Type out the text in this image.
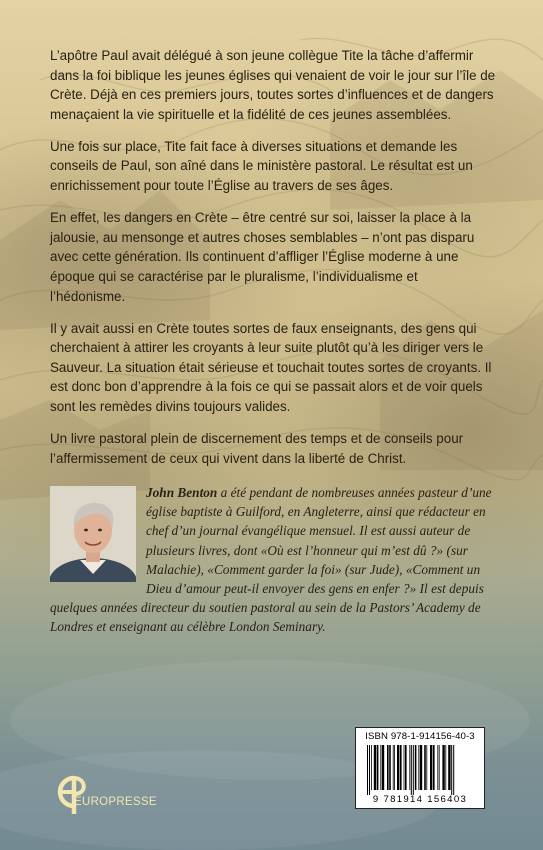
L’apôtre Paul avait délégué à son jeune collègue Tite la tâche d’affermir dans la foi biblique les jeunes églises qui venaient de voir le jour sur l’île de Crète. Déjà en ces premiers jours, toutes sortes d’influences et de dangers menaçaient la vie spirituelle et la fidélité de ces jeunes assemblées.

Une fois sur place, Tite fait face à diverses situations et demande les conseils de Paul, son aîné dans le ministère pastoral. Le résultat est un enrichissement pour toute l’Église au travers de ses âges.

En effet, les dangers en Crète – être centré sur soi, laisser la place à la jalousie, au mensonge et autres choses semblables – n’ont pas disparu avec cette génération. Ils continuent d’affliger l’Église moderne à une époque qui se caractérise par le pluralisme, l’individualisme et l’hédonisme.

Il y avait aussi en Crète toutes sortes de faux enseignants, des gens qui cherchaient à attirer les croyants à leur suite plutôt qu’à les diriger vers le Sauveur. La situation était sérieuse et touchait toutes sortes de croyants. Il est donc bon d’apprendre à la fois ce qui se passait alors et de voir quels sont les remèdes divins toujours valides.

Un livre pastoral plein de discernement des temps et de conseils pour l’affermissement de ceux qui vivent dans la liberté de Christ.

John Benton a été pendant de nombreuses années pasteur d’une église baptiste à Guilford, en Angleterre, ainsi que rédacteur en chef d’un journal évangélique mensuel. Il est aussi auteur de plusieurs livres, dont «Où est l’honneur qui m’est dû ?» (sur Malachie), «Comment garder la foi» (sur Jude), «Comment un Dieu d’amour peut-il envoyer des gens en enfer ?» Il est depuis quelques années directeur du soutien pastoral au sein de la Pastors’ Academy de Londres et enseignant au célèbre London Seminary.
ISBN 978-1-914156-40-3
9 781914 156403
EUROPRESSE
